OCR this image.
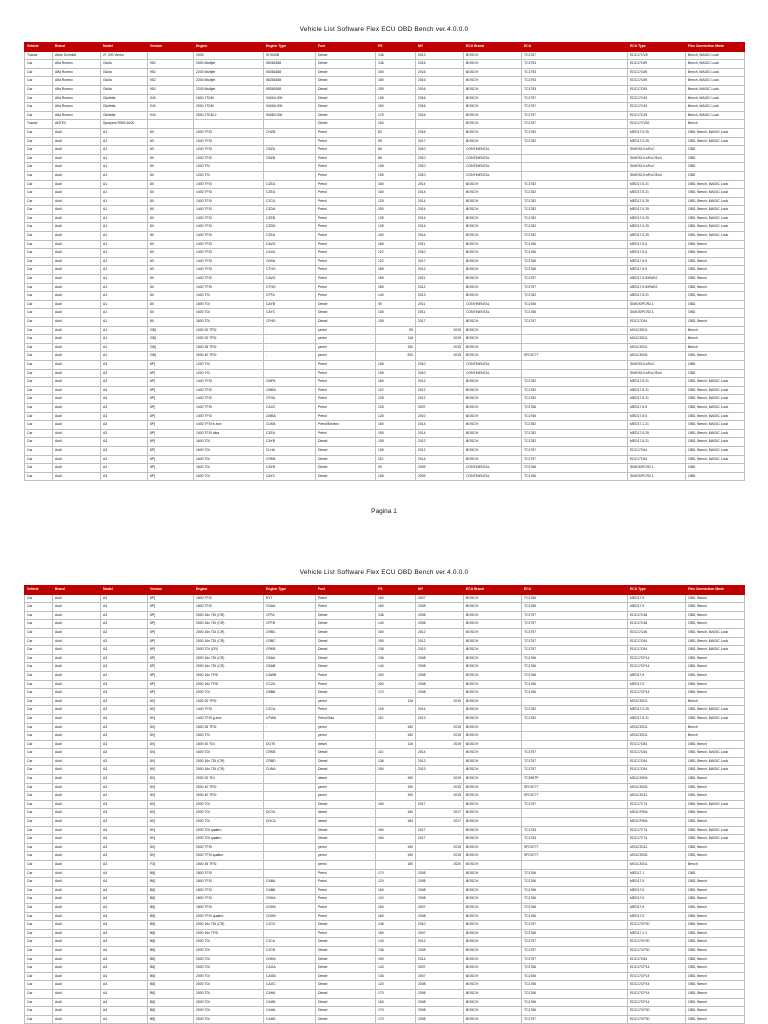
Vehicle List Software Flex ECU OBD Bench ver.4.0.0.0
Vehicle	Brand	Model	Version	Engine	Engine Type	Fuel	PS	MY	ECU Brand	ECU	ECU Type	Flex Connection Mode
Tractor	Abbe Schmidt	2T 200 Vector		2003	SI7640B	Diesel	136	2013	BOSCH	TC1767	EDC17CV8	Bench, MAGIC Look
Car	Alfa Romeo	Giulia	952	2000 Multijet	55266388	Diesel	136	2016	BOSCH	TC1793	EDC17C69	Bench, MAGIC Look
Car	Alfa Romeo	Giulia	952	2200 Multijet	55266388	Diesel	150	2016	BOSCH	TC1793	EDC17C69	Bench, MAGIC Look
Car	Alfa Romeo	Giulia	952	2200 Multijet	55266388	Diesel	180	2016	BOSCH	TC1793	EDC17C69	Bench, MAGIC Look
Car	Alfa Romeo	Giulia	952	2200 Multijet	55266388	Diesel	209	2016	BOSCH	TC1793	EDC17C69	Bench, MAGIC Look
Car	Alfa Romeo	Giulietta	940	1600 JTDM	940A3.000	Diesel	105	2016	BOSCH	TC1797	EDC17C49	Bench, MAGIC Look
Car	Alfa Romeo	Giulietta	940	2000 JTDM	940A5.000	Diesel	150	2016	BOSCH	TC1797	EDC17C49	Bench, MAGIC Look
Car	Alfa Romeo	Giulietta	940	2000 JTDM-2	940B4.000	Diesel	175	2016	BOSCH	TC1797	EDC17C49	Bench, MAGIC Look
Tractor	ANTEC	Sprayers R500-6100				Diesel	164		BOSCH	TC1767	EDC17CV52	Bench
Car	Audi	A1	8X	1000 TFSI	CHZB	Petrol	82	2016	BOSCH	TC1782	MED17.5.25	OBD, Bench, MAGIC Look
Car	Audi	A1	8X	1000 TFSI		Petrol	95	2017	BOSCH	TC1782	MED17.5.25	OBD, Bench, MAGIC Look
Car	Audi	A1	8X	1200 TFSI	CBZA	Petrol	86	2010	CONTINENTAL		SIMOS10.x/EvC	OBD
Car	Audi	A1	8X	1200 TFSI	CBZB	Petrol	86	2010	CONTINENTAL		SIMOS10.x/EvC/Evd	OBD
Car	Audi	A1	8X	1200 TSI		Petrol	105	2010	CONTINENTAL		SIMOS10.x/EvC	OBD
Car	Audi	A1	8X	1200 TSI		Petrol	105	2010	CONTINENTAL		SIMOS10.x/EvC/Evd	OBD
Car	Audi	A1	8X	1400 TFSI	CZEA	Petrol	150	2014	BOSCH	TC1782	MED17.5.21	OBD, Bench, MAGIC Look
Car	Audi	A1	8X	1400 TFSI	CZEA	Petrol	150	2014	BOSCH	TC1782	MED17.5.21	OBD, Bench, MAGIC Look
Car	Audi	A1	8X	1400 TFSI	CZCA	Petrol	125	2014	BOSCH	TC1782	MED17.5.25	OBD, Bench, MAGIC Look
Car	Audi	A1	8X	1400 TFSI	CZDA	Petrol	150	2014	BOSCH	TC1782	MED17.5.25	OBD, Bench, MAGIC Look
Car	Audi	A1	8X	1400 TFSI	CZEB	Petrol	125	2014	BOSCH	TC1782	MED17.5.25	OBD, Bench, MAGIC Look
Car	Audi	A1	8X	1400 TFSI	CZDD	Petrol	125	2014	BOSCH	TC1782	MED17.5.25	OBD, Bench, MAGIC Look
Car	Audi	A1	8X	1400 TFSI	CZEA	Petrol	150	2014	BOSCH	TC1782	MED17.5.25	OBD, Bench, MAGIC Look
Car	Audi	A1	8X	1400 TFSI	CAVG	Petrol	185	2011	BOSCH	TC1766	MED17.5.5	OBD, Bench
Car	Audi	A1	8X	1400 TFSI	CAXA	Petrol	122	2010	BOSCH	TC1766	MED17.5.5	OBD, Bench
Car	Audi	A1	8X	1400 TFSI	CNVA	Petrol	122	2017	BOSCH	TC1766	MED17.5.5	OBD, Bench
Car	Audi	A1	8X	1400 TFSI	CTHG	Petrol	185	2012	BOSCH	TC1766	MED17.5.5	OBD, Bench
Car	Audi	A1	8X	1400 TFSI	CAVG	Petrol	185	2011	BOSCH	TC1797	MED17.5.5/HW02	OBD, Bench
Car	Audi	A1	8X	1400 TFSI	CTHG	Petrol	185	2012	BOSCH	TC1797	MED17.5.5/HW02	OBD, Bench
Car	Audi	A1	8X	1400 TSI	CPTA	Petrol	140	2013	BOSCH	TC1782	MED17.5.21	OBD, Bench
Car	Audi	A1	8X	1600 TDI	CAYB	Diesel	90	2011	CONTINENTAL	TC1766	SIMOS/PCR2.1	OBD
Car	Audi	A1	8X	1600 TDI	CAYC	Diesel	105	2011	CONTINENTAL	TC1766	SIMOS/PCR2.1	OBD
Car	Audi	A1	8X	1600 TDI	CFHD	Diesel	105	2017	BOSCH	TC1797	EDC17C64	OBD, Bench
Car	Audi	A1	GB]	1000 30 TFSI	-	petrol	95	2019	BOSCH		MG1CS011	Bench
Car	Audi	A1	GB]	1000 30 TFSI	-	petrol	116	2019	BOSCH		MG1CS011	Bench
Car	Audi	A1	GB]	1500 35 TFSI	-	petrol	150	2019	BOSCH		MG1CS011	Bench
Car	Audi	A1	GB]	2000 40 TFSI	-	petrol	200	2019	BOSCH	SPC5777	MG1CS001	OBD, Bench
Car	Audi	A3	8P]	1200 TSI		Petrol	105	2010	CONTINENTAL		SIMOS10.x/EvC	OBD
Car	Audi	A3	8P]	1200 TSI		Petrol	105	2010	CONTINENTAL		SIMOS10.x/EvC/Evd	OBD
Car	Audi	A3	8P]	1400 TFSI	CMPA	Petrol	160	2012	BOSCH	TC1782	MED17.5.21	OBD, Bench, MAGIC Look
Car	Audi	A3	8P]	1400 TFSI	CMBA	Petrol	122	2012	BOSCH	TC1782	MED17.5.21	OBD, Bench, MAGIC Look
Car	Audi	A3	8P]	1400 TFSI	CPVA	Petrol	125	2012	BOSCH	TC1782	MED17.5.21	OBD, Bench, MAGIC Look
Car	Audi	A3	8P]	1400 TFSI	CAXC	Petrol	125	2007	BOSCH	TC1766	MED17.5.5	OBD, Bench, MAGIC Look
Car	Audi	A3	8P]	1400 TFSI	CMBA	Petrol	125	2010	BOSCH	TC1766	MED17.5.5	OBD, Bench, MAGIC Look
Car	Audi	A3	8P]	1400 TFSI e-tron	CUKB	Petrol/Electric	150	2014	BOSCH	TC1782	MED17.1.21	OBD, Bench, MAGIC Look
Car	Audi	A3	8P]	1400 TFSI ultra	CZEA	Petrol	150	2014	BOSCH	TC1782	MED17.5.25	OBD, Bench, MAGIC Look
Car	Audi	A3	8P]	1600 TDI	CAYB	Diesel	105	2012	BOSCH	TC1782	MED17.5.21	OBD, Bench, MAGIC Look
Car	Audi	A3	8P]	1600 TDI	CLHA	Diesel	105	2012	BOSCH	TC1797	EDC17C64	OBD, Bench, MAGIC Look
Car	Audi	A3	8P]	1600 TDI	CRKB	Diesel	110	2014	BOSCH	TC1797	EDC17C64	OBD, Bench, MAGIC Look
Car	Audi	A3	8P]	1600 TDI	CAYB	Diesel	90	2009	CONTINENTAL	TC1766	SIMOS/PCR2.1	OBD
Car	Audi	A3	8P]	1600 TDI	CAYC	Diesel	105	2009	CONTINENTAL	TC1766	SIMOS/PCR2.1	OBD
Pagina 1
Vehicle List Software Flex ECU OBD Bench ver.4.0.0.0
Vehicle	Brand	Model	Version	Engine	Engine Type	Fuel	PS	MY	ECU Brand	ECU	ECU Type	Flex Connection Mode
Car	Audi	A3	8P]	1800 TFSI	BYT	Petrol	160	2007	BOSCH	TC1766	MED17.5	OBD, Bench
Car	Audi	A3	8P]	1800 TFSI	CDAA	Petrol	160	2008	BOSCH	TC1766	MED17.5	OBD, Bench
Car	Audi	A3	8P]	2000 16v TDI (CR)	CFFA	Diesel	136	2008	BOSCH	TC1797	EDC17C46	OBD, Bench
Car	Audi	A3	8P]	2000 16v TDI (CR)	CFFB	Diesel	140	2008	BOSCH	TC1797	EDC17C46	OBD, Bench
Car	Audi	A3	8P]	2000 16v TDI (CR)	CRBC	Diesel	150	2012	BOSCH	TC1797	EDC17C46	OBD, Bench, MAGIC Look
Car	Audi	A3	8P]	2000 16v TDI (CR)	CRBC	Diesel	150	2012	BOSCH	TC1797	EDC17C64	OBD, Bench, MAGIC Look
Car	Audi	A3	8P]	2000 TDI (CR)	CRKB	Diesel	136	2013	BOSCH	TC1797	EDC17C64	OBD, Bench, MAGIC Look
Car	Audi	A3	8P]	2000 16v TDI (CR)	CBAA	Diesel	136	2008	BOSCH	TC1766	EDC17CP14	OBD, Bench
Car	Audi	A3	8P]	2000 16v TDI (CR)	CBAB	Diesel	140	2008	BOSCH	TC1766	EDC17CP14	OBD, Bench
Car	Audi	A3	8P]	2000 16v TFSI	CAWB	Petrol	200	2008	BOSCH	TC1766	MED17.5	OBD, Bench
Car	Audi	A3	8P]	2000 16v TFSI	CCZA	Petrol	200	2008	BOSCH	TC1766	MED17.5	OBD, Bench
Car	Audi	A3	8P]	2000 TDI	CBBB	Diesel	170	2008	BOSCH	TC1766	EDC17CP14	OBD, Bench
Car	Audi	A3	8V]	1000 30 TFSI	-	petrol	116	2019	BOSCH		MG1CS011	Bench
Car	Audi	A3	8V]	1400 TFSI	CZCA	Petrol	125	2014	BOSCH	TC1782	MED17.5.25	OBD, Bench, MAGIC Look
Car	Audi	A3	8V]	1400 TFSI g-tron	CPWA	Petrol/Gas	110	2013	BOSCH	TC1782	MED17.5.21	OBD, Bench, MAGIC Look
Car	Audi	A3	8V]	1500 35 TFSI	-	petrol	150	2019	BOSCH		MG1CS011	Bench
Car	Audi	A3	8V]	1500 TSI		petrol	150	2019	BOSCH		MG1CS011	Bench
Car	Audi	A3	8V]	1600 30 TDI	DGTE	diesel	116	2019	BOSCH		EDC17C84	OBD, Bench
Car	Audi	A3	8V]	1600 TDI	CRKB	Diesel	110	2014	BOSCH	TC1797	EDC17C64	OBD, Bench, MAGIC Look
Car	Audi	A3	8V]	2000 16v TDI (CR)	CRBD	Diesel	136	2013	BOSCH	TC1797	EDC17C64	OBD, Bench, MAGIC Look
Car	Audi	A3	8V]	2000 16v TDI (CR)	CUNA	Diesel	184	2013	BOSCH	TC1797	EDC17C64	OBD, Bench, MAGIC Look
Car	Audi	A3	8V]	2000 30 TDI		diesel	150	2019	BOSCH	TC298TP	MD1CS004	OBD, Bench
Car	Audi	A3	8V]	2000 40 TFSI		petrol	190	2019	BOSCH	SPC5777	MG1CS001	OBD, Bench
Car	Audi	A3	8V]	2000 40 TFSI		petrol	190	2019	BOSCH	SPC5777	MG1CS111	OBD, Bench
Car	Audi	A3	8V]	2000 TDI		Diesel	150	2017	BOSCH	TC1797	EDC17C74	OBD, Bench, MAGIC Look
Car	Audi	A3	8V]	2000 TDI	DCYA	diesel	150	2017	BOSCH		MD1CP004	OBD, Bench
Car	Audi	A3	8V]	2000 TDI	DGCA	diesel	184	2017	BOSCH		MD1CP004	OBD, Bench
Car	Audi	A3	8V]	2000 TDI quattro		Diesel	150	2017	BOSCH	TC1793	EDC17C74	OBD, Bench, MAGIC Look
Car	Audi	A3	8V]	2000 TDI quattro		Diesel	184	2017	BOSCH	TC1793	EDC17C74	OBD, Bench, MAGIC Look
Car	Audi	A3	8V]	2000 TFSI		petrol	190	2019	BOSCH	SPC5777	MG1CS111	OBD, Bench
Car	Audi	A3	8V]	2000 TFSI quattro		petrol	190	2019	BOSCH	SPC5777	MG1CS001	OBD, Bench
Car	Audi	A3	F3]	1500 35 TFSI		petrol	150	2020	BOSCH		MG1CS011	Bench
Car	Audi	A4	B8]	1800 TFSI		Petrol	170	2008	BOSCH	TC1766	MED17.1	OBD
Car	Audi	A4	B8]	1800 TFSI	CABA	Petrol	120	2008	BOSCH	TC1766	MED17.5	OBD, Bench
Car	Audi	A4	B8]	1800 TFSI	CABB	Petrol	160	2008	BOSCH	TC1766	MED17.5	OBD, Bench
Car	Audi	A4	B8]	1800 TFSI	CDHA	Petrol	120	2008	BOSCH	TC1766	MED17.5	OBD, Bench
Car	Audi	A4	B8]	1800 TFSI	CDHB	Petrol	160	2007	BOSCH	TC1766	MED17.5	OBD, Bench
Car	Audi	A4	B8]	2000 TFSI quattro	CDHB	Petrol	160	2008	BOSCH	TC1766	MED17.5	OBD, Bench
Car	Audi	A4	B8]	2000 16v TDI (CR)	CJCD	Diesel	136	2010	BOSCH	TC1797	EDC17CP20	OBD, Bench
Car	Audi	A4	B8]	2000 16v TFSI		Petrol	180	2007	BOSCH	TC1766	MED17.1.1	OBD, Bench
Car	Audi	A4	B8]	2000 TDI	CJCA	Diesel	143	2012	BOSCH	TC1797	EDC17CP20	OBD, Bench
Car	Audi	A4	B8]	2000 TDI	CJCB	Diesel	136	2008	BOSCH	TC1797	EDC17CP20	OBD, Bench
Car	Audi	A4	B8]	2000 TDI	CNHA	Diesel	190	2014	BOSCH	TC1797	EDC17C64	OBD, Bench
Car	Audi	A4	B8]	2000 TDI	CAGA	Diesel	143	2007	BOSCH	TC1766	EDC17CP14	OBD, Bench
Car	Audi	A4	B8]	2000 TDI	CAGB	Diesel	136	2007	BOSCH	TC1766	EDC17CP14	OBD, Bench
Car	Audi	A4	B8]	2000 TDI	CAGC	Diesel	120	2008	BOSCH	TC1766	EDC17CP14	OBD, Bench
Car	Audi	A4	B8]	2000 TDI	CAHA	Diesel	170	2008	BOSCH	TC1766	EDC17CP14	OBD, Bench
Car	Audi	A4	B8]	2000 TDI	CAHB	Diesel	163	2008	BOSCH	TC1766	EDC17CP14	OBD, Bench
Car	Audi	A4	B8]	2000 TDI	CAHA	Diesel	170	2008	BOSCH	TC1766	EDC17CP20	OBD, Bench
Car	Audi	A4	B8]	2000 TDI	CAHA	Diesel	170	2008	BOSCH	TC1797	EDC17CP20	OBD, Bench
